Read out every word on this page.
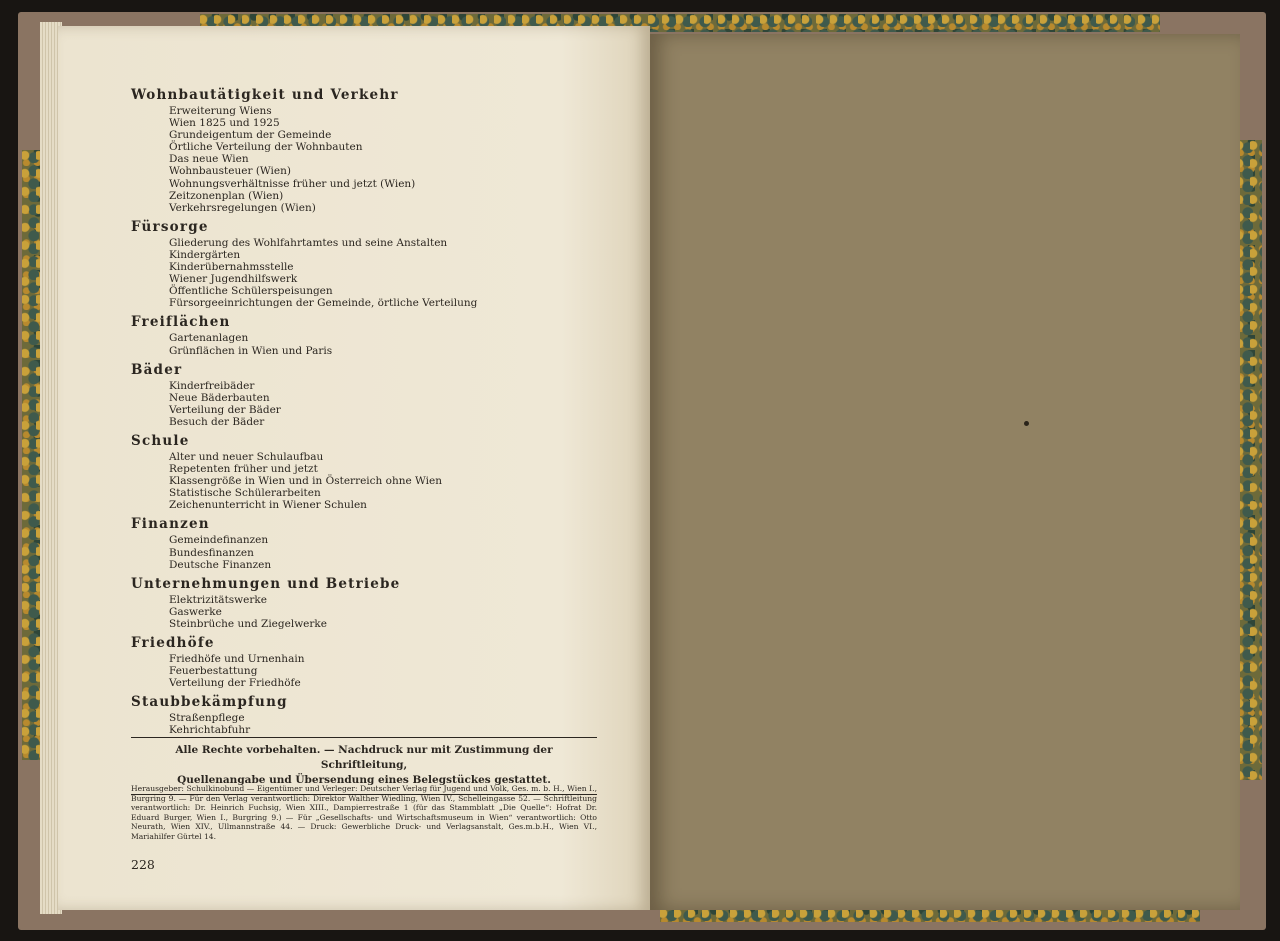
Wohnbautätigkeit und Verkehr
Erweiterung Wiens
Wien 1825 und 1925
Grundeigentum der Gemeinde
Örtliche Verteilung der Wohnbauten
Das neue Wien
Wohnbausteuer (Wien)
Wohnungsverhältnisse früher und jetzt (Wien)
Zeitzonenplan (Wien)
Verkehrsregelungen (Wien)
Fürsorge
Gliederung des Wohlfahrtamtes und seine Anstalten
Kindergärten
Kinderübernahmsstelle
Wiener Jugendhilfswerk
Öffentliche Schülerspeisungen
Fürsorgeeinrichtungen der Gemeinde, örtliche Verteilung
Freiflächen
Gartenanlagen
Grünflächen in Wien und Paris
Bäder
Kinderfreibäder
Neue Bäderbauten
Verteilung der Bäder
Besuch der Bäder
Schule
Alter und neuer Schulaufbau
Repetenten früher und jetzt
Klassengröße in Wien und in Österreich ohne Wien
Statistische Schülerarbeiten
Zeichenunterricht in Wiener Schulen
Finanzen
Gemeindefinanzen
Bundesfinanzen
Deutsche Finanzen
Unternehmungen und Betriebe
Elektrizitätswerke
Gaswerke
Steinbrüche und Ziegelwerke
Friedhöfe
Friedhöfe und Urnenhain
Feuerbestattung
Verteilung der Friedhöfe
Staubbekämpfung
Straßenpflege
Kehrichtabfuhr
Alle Rechte vorbehalten. — Nachdruck nur mit Zustimmung der Schriftleitung,
Quellenangabe und Übersendung eines Belegstückes gestattet.
Herausgeber: Schulkinobund — Eigentümer und Verleger: Deutscher Verlag für Jugend und Volk, Ges. m. b. H., Wien I., Burgring 9. — Für den Verlag verantwortlich: Direktor Walther Wiedling, Wien IV., Schelleingasse 52. — Schriftleitung verantwortlich: Dr. Heinrich Fuchsig, Wien XIII., Dampierrestraße 1 (für das Stammblatt „Die Quelle“: Hofrat Dr. Eduard Burger, Wien I., Burgring 9.) — Für „Gesellschafts- und Wirtschaftsmuseum in Wien“ verantwortlich: Otto Neurath, Wien XIV., Ullmannstraße 44. — Druck: Gewerbliche Druck- und Verlagsanstalt, Ges.m.b.H., Wien VI., Mariahilfer Gürtel 14.
228
